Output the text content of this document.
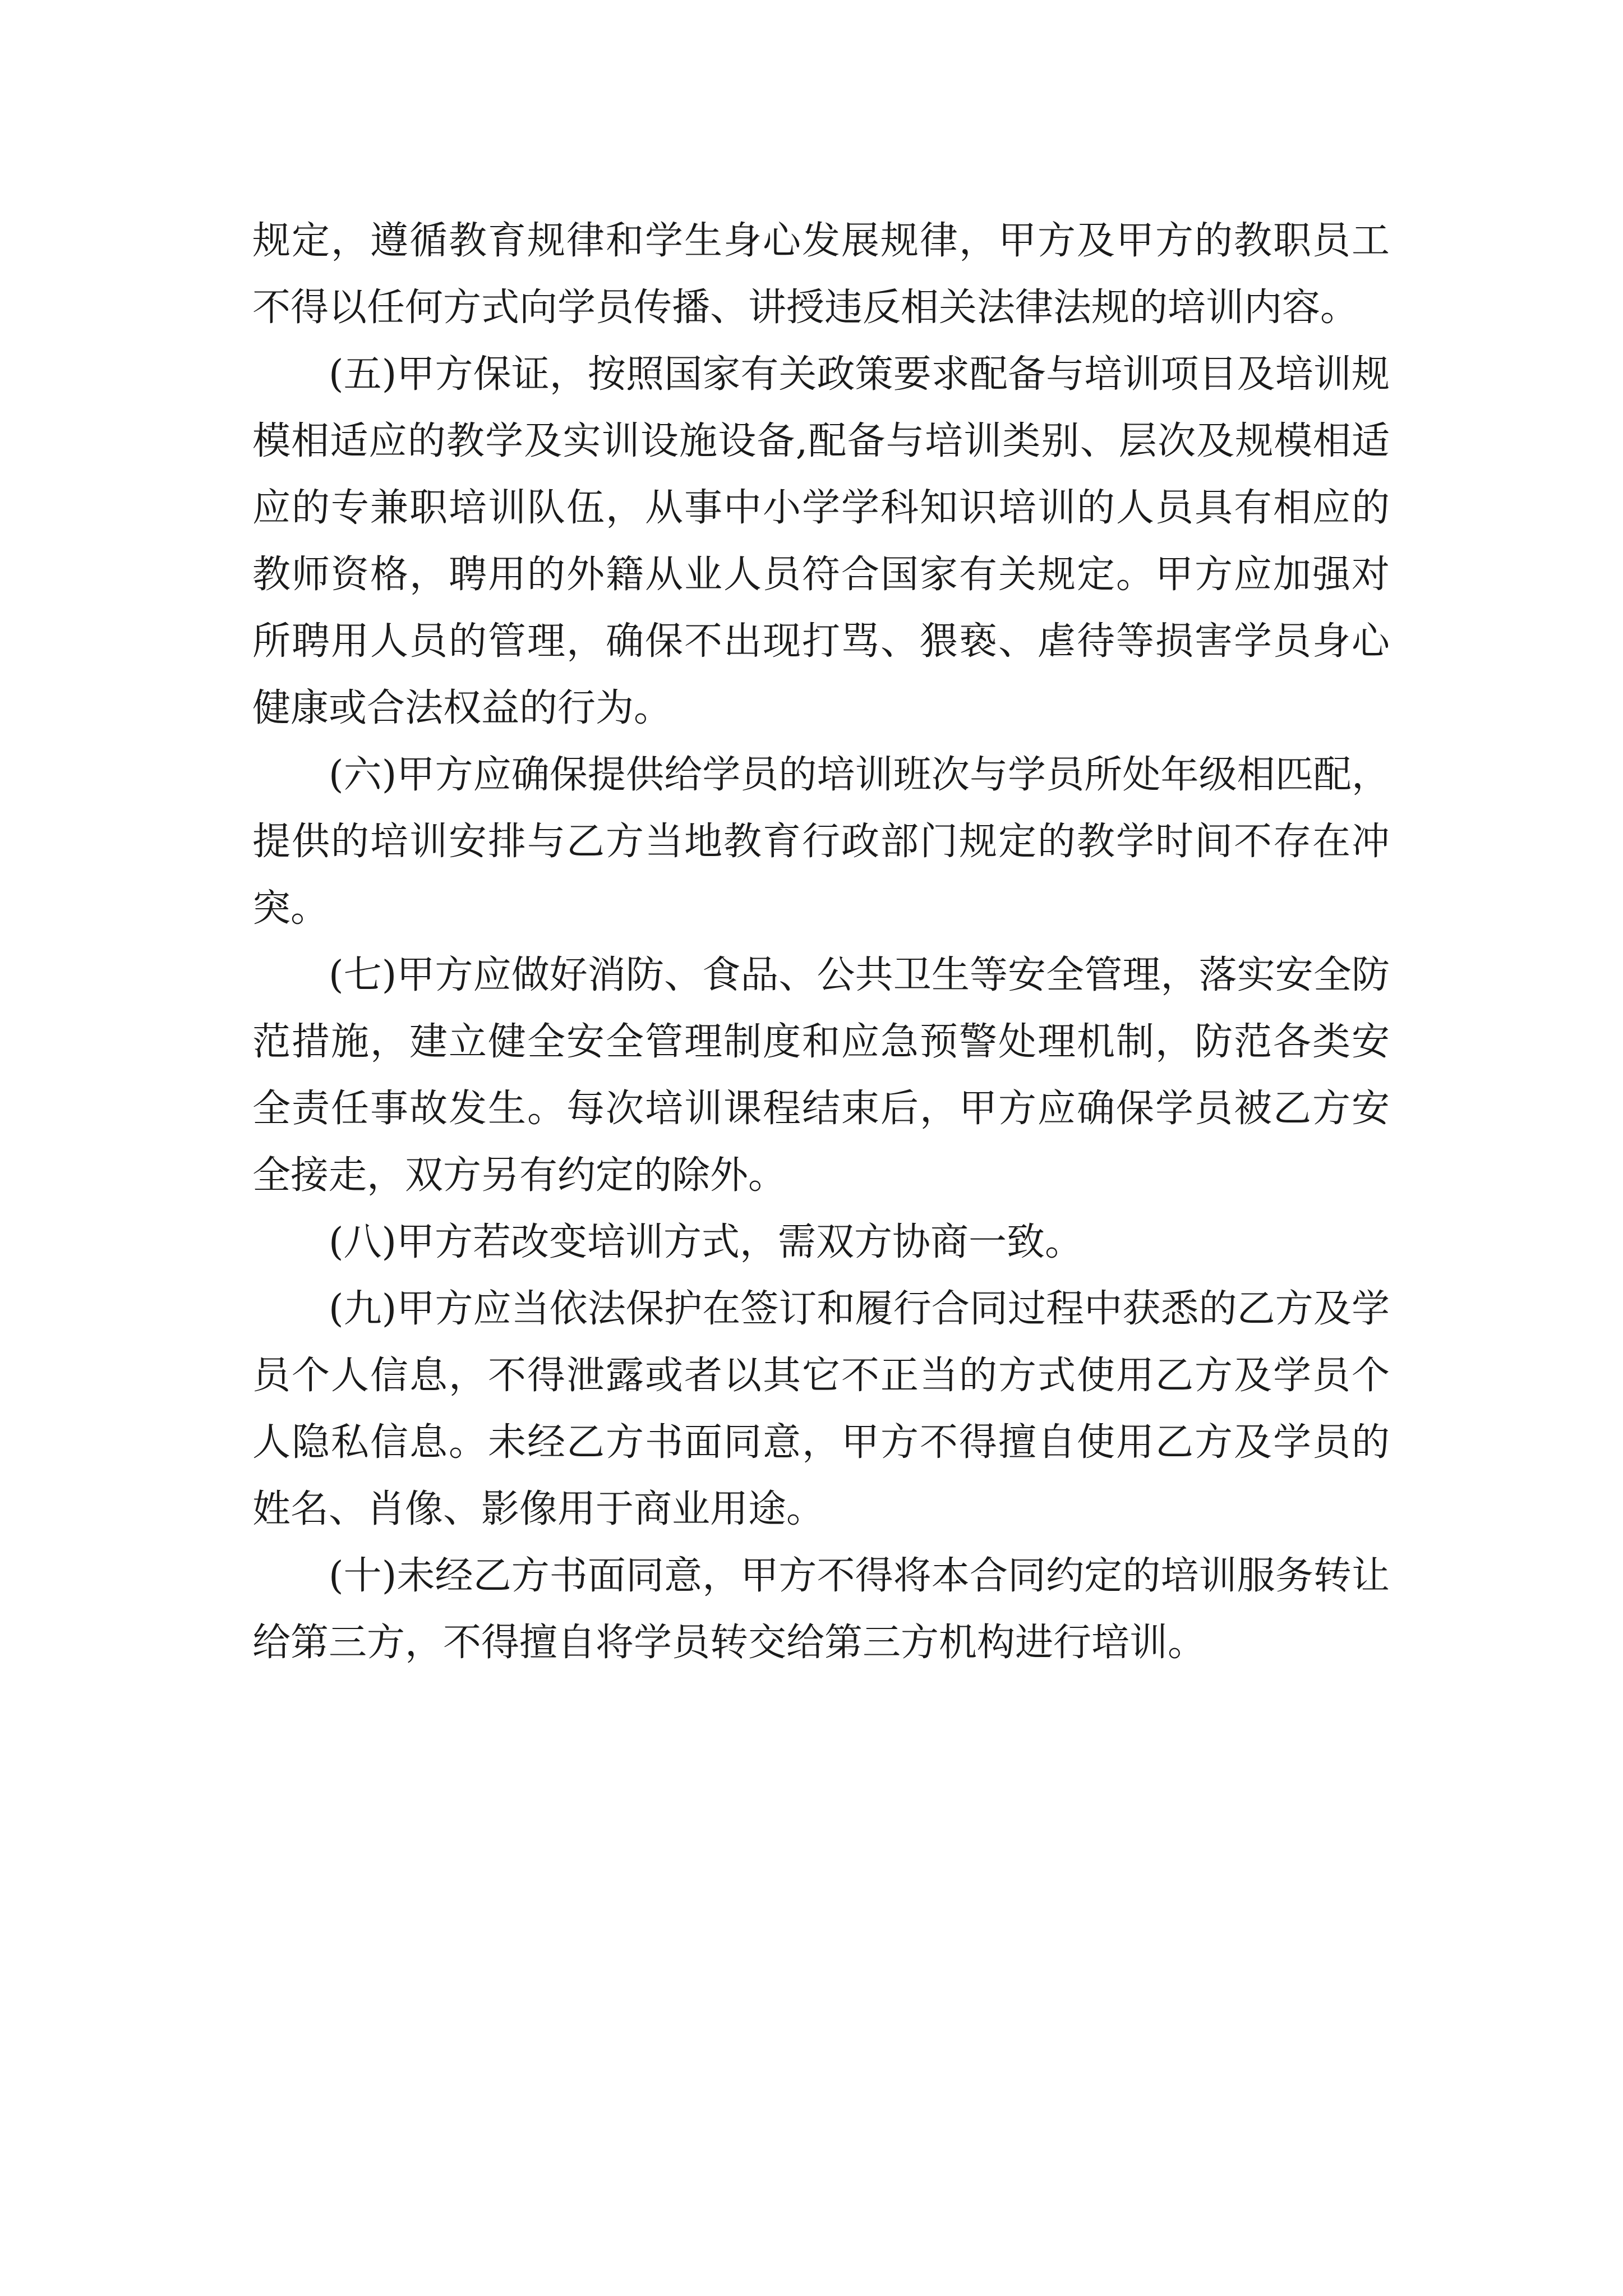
规定，遵循教育规律和学生身心发展规律，甲方及甲方的教职员工不得以任何方式向学员传播、讲授违反相关法律法规的培训内容。

(五)甲方保证，按照国家有关政策要求配备与培训项目及培训规模相适应的教学及实训设施设备,配备与培训类别、层次及规模相适应的专兼职培训队伍，从事中小学学科知识培训的人员具有相应的教师资格，聘用的外籍从业人员符合国家有关规定。甲方应加强对所聘用人员的管理，确保不出现打骂、猥亵、虐待等损害学员身心健康或合法权益的行为。

(六)甲方应确保提供给学员的培训班次与学员所处年级相匹配，提供的培训安排与乙方当地教育行政部门规定的教学时间不存在冲突。

(七)甲方应做好消防、食品、公共卫生等安全管理，落实安全防范措施，建立健全安全管理制度和应急预警处理机制，防范各类安全责任事故发生。每次培训课程结束后，甲方应确保学员被乙方安全接走，双方另有约定的除外。

(八)甲方若改变培训方式，需双方协商一致。

(九)甲方应当依法保护在签订和履行合同过程中获悉的乙方及学员个人信息，不得泄露或者以其它不正当的方式使用乙方及学员个人隐私信息。未经乙方书面同意，甲方不得擅自使用乙方及学员的姓名、肖像、影像用于商业用途。

(十)未经乙方书面同意，甲方不得将本合同约定的培训服务转让给第三方，不得擅自将学员转交给第三方机构进行培训。
